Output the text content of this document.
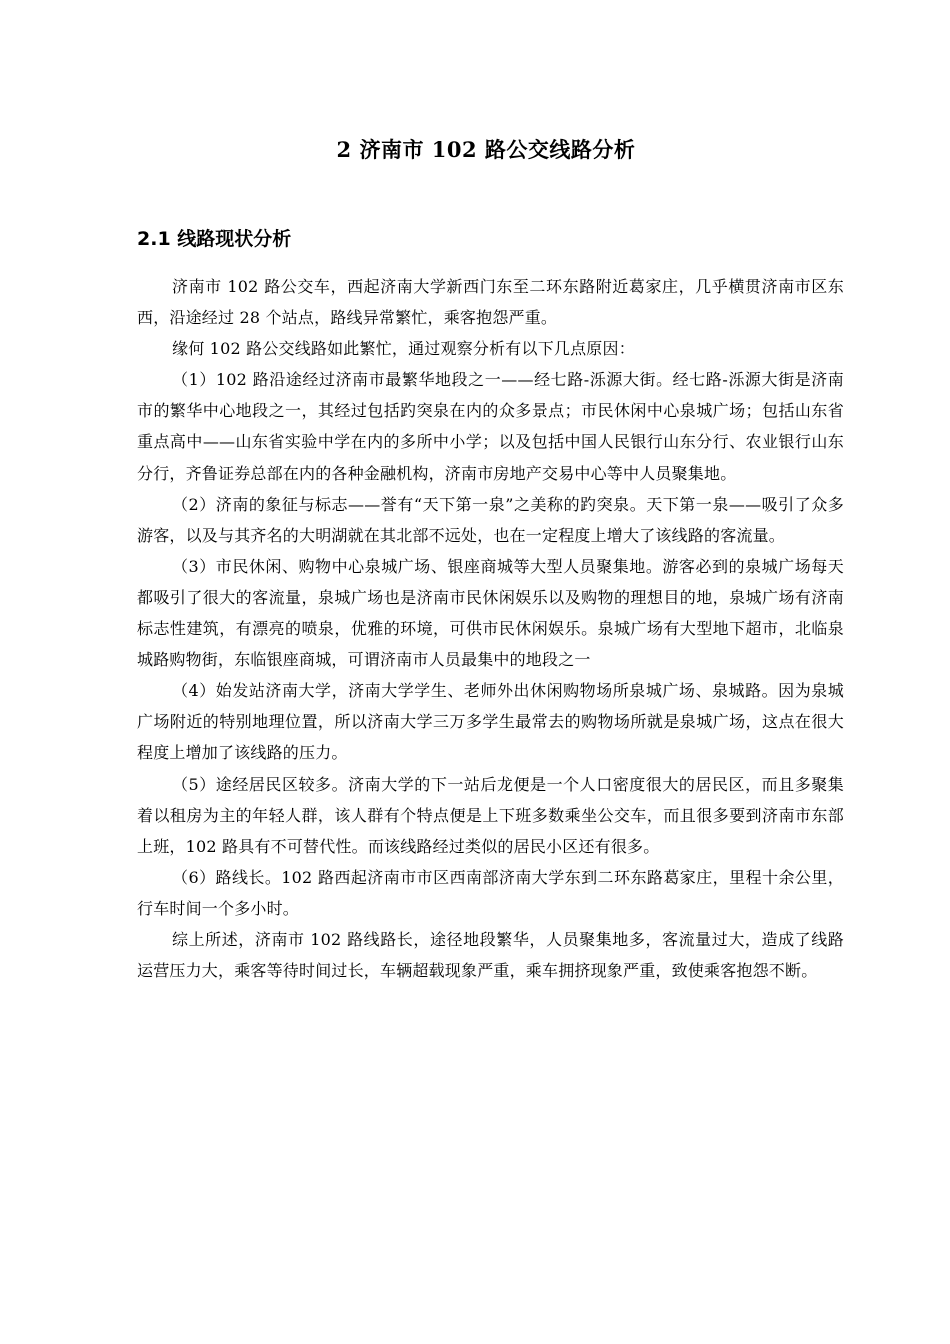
2 济南市 102 路公交线路分析
2.1 线路现状分析

济南市 102 路公交车，西起济南大学新西门东至二环东路附近葛家庄，几乎横贯济南市区东西，沿途经过 28 个站点，路线异常繁忙，乘客抱怨严重。

缘何 102 路公交线路如此繁忙，通过观察分析有以下几点原因：

（1）102 路沿途经过济南市最繁华地段之一——经七路-泺源大街。经七路-泺源大街是济南市的繁华中心地段之一，其经过包括趵突泉在内的众多景点；市民休闲中心泉城广场；包括山东省重点高中——山东省实验中学在内的多所中小学；以及包括中国人民银行山东分行、农业银行山东分行，齐鲁证券总部在内的各种金融机构，济南市房地产交易中心等中人员聚集地。

（2）济南的象征与标志——誉有“天下第一泉”之美称的趵突泉。天下第一泉——吸引了众多游客，以及与其齐名的大明湖就在其北部不远处，也在一定程度上增大了该线路的客流量。

（3）市民休闲、购物中心泉城广场、银座商城等大型人员聚集地。游客必到的泉城广场每天都吸引了很大的客流量，泉城广场也是济南市民休闲娱乐以及购物的理想目的地，泉城广场有济南标志性建筑，有漂亮的喷泉，优雅的环境，可供市民休闲娱乐。泉城广场有大型地下超市，北临泉城路购物街，东临银座商城，可谓济南市人员最集中的地段之一

（4）始发站济南大学，济南大学学生、老师外出休闲购物场所泉城广场、泉城路。因为泉城广场附近的特别地理位置，所以济南大学三万多学生最常去的购物场所就是泉城广场，这点在很大程度上增加了该线路的压力。

（5）途经居民区较多。济南大学的下一站后龙便是一个人口密度很大的居民区，而且多聚集着以租房为主的年轻人群，该人群有个特点便是上下班多数乘坐公交车，而且很多要到济南市东部上班，102 路具有不可替代性。而该线路经过类似的居民小区还有很多。

（6）路线长。102 路西起济南市市区西南部济南大学东到二环东路葛家庄，里程十余公里，行车时间一个多小时。

综上所述，济南市 102 路线路长，途径地段繁华，人员聚集地多，客流量过大，造成了线路运营压力大，乘客等待时间过长，车辆超载现象严重，乘车拥挤现象严重，致使乘客抱怨不断。
